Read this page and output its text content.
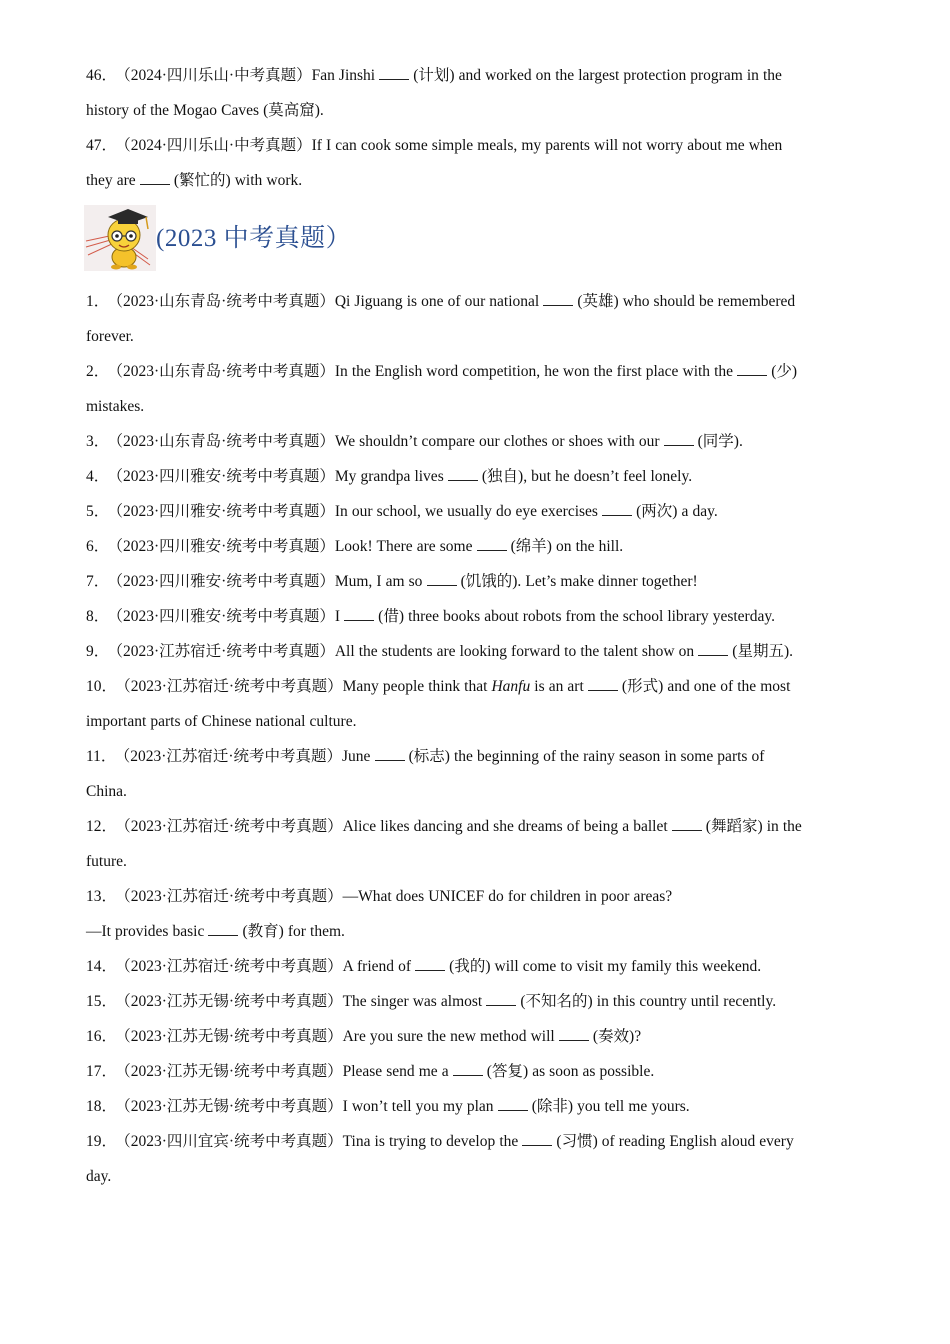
46． （2024·四川乐山·中考真题）Fan Jinshi  (计划) and worked on the largest protection program in the
history of the Mogao Caves (莫高窟).

47． （2024·四川乐山·中考真题）If I can cook some simple meals, my parents will not worry about me when
they are  (繁忙的) with work.

(2023 中考真题）

1． （2023·山东青岛·统考中考真题）Qi Jiguang is one of our national  (英雄) who should be remembered
forever.

2． （2023·山东青岛·统考中考真题）In the English word competition, he won the first place with the  (少)
mistakes.

3． （2023·山东青岛·统考中考真题）We shouldn’t compare our clothes or shoes with our  (同学).

4． （2023·四川雅安·统考中考真题）My grandpa lives  (独自), but he doesn’t feel lonely.

5． （2023·四川雅安·统考中考真题）In our school, we usually do eye exercises  (两次) a day.

6． （2023·四川雅安·统考中考真题）Look! There are some  (绵羊) on the hill.

7． （2023·四川雅安·统考中考真题）Mum, I am so  (饥饿的). Let’s make dinner together!

8． （2023·四川雅安·统考中考真题）I  (借) three books about robots from the school library yesterday.

9． （2023·江苏宿迁·统考中考真题）All the students are looking forward to the talent show on  (星期五).

10． （2023·江苏宿迁·统考中考真题）Many people think that Hanfu is an art  (形式) and one of the most
important parts of Chinese national culture.

11． （2023·江苏宿迁·统考中考真题）June  (标志) the beginning of the rainy season in some parts of
China.

12． （2023·江苏宿迁·统考中考真题）Alice likes dancing and she dreams of being a ballet  (舞蹈家) in the
future.

13． （2023·江苏宿迁·统考中考真题）—What does UNICEF do for children in poor areas?
—It provides basic  (教育) for them.

14． （2023·江苏宿迁·统考中考真题）A friend of  (我的) will come to visit my family this weekend.

15． （2023·江苏无锡·统考中考真题）The singer was almost  (不知名的) in this country until recently.

16． （2023·江苏无锡·统考中考真题）Are you sure the new method will  (奏效)?

17． （2023·江苏无锡·统考中考真题）Please send me a  (答复) as soon as possible.

18． （2023·江苏无锡·统考中考真题）I won’t tell you my plan  (除非) you tell me yours.

19． （2023·四川宜宾·统考中考真题）Tina is trying to develop the  (习惯) of reading English aloud every
day.
